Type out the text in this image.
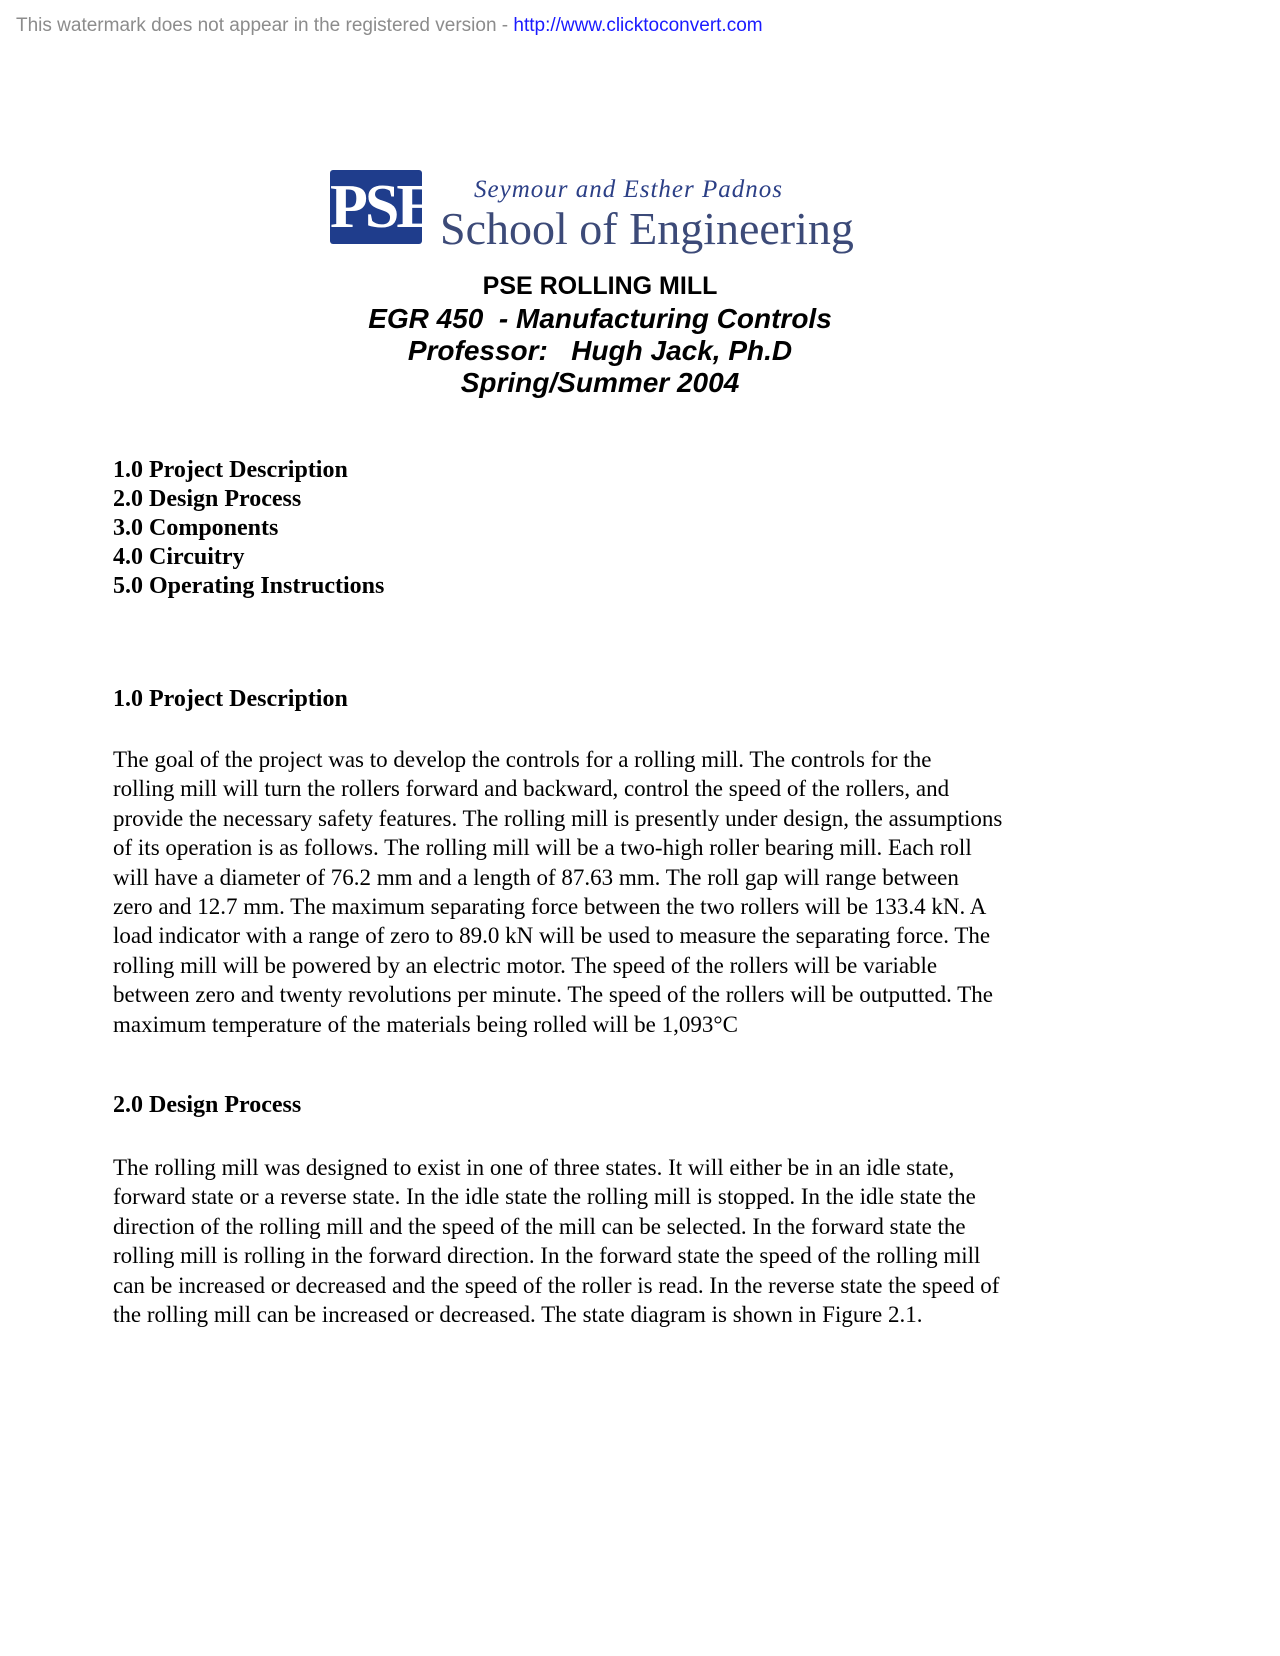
This watermark does not appear in the registered version - http://www.clicktoconvert.com
PSE Seymour and Esther Padnos
School of Engineering
PSE ROLLING MILL
EGR 450  - Manufacturing Controls
Professor:   Hugh Jack, Ph.D
Spring/Summer 2004
1.0 Project Description
2.0 Design Process
3.0 Components
4.0 Circuitry
5.0 Operating Instructions
1.0 Project Description
The goal of the project was to develop the controls for a rolling mill. The controls for the
rolling mill will turn the rollers forward and backward, control the speed of the rollers, and
provide the necessary safety features. The rolling mill is presently under design, the assumptions
of its operation is as follows. The rolling mill will be a two-high roller bearing mill. Each roll
will have a diameter of 76.2 mm and a length of 87.63 mm. The roll gap will range between
zero and 12.7 mm. The maximum separating force between the two rollers will be 133.4 kN. A
load indicator with a range of zero to 89.0 kN will be used to measure the separating force. The
rolling mill will be powered by an electric motor. The speed of the rollers will be variable
between zero and twenty revolutions per minute. The speed of the rollers will be outputted. The
maximum temperature of the materials being rolled will be 1,093°C
2.0 Design Process
The rolling mill was designed to exist in one of three states. It will either be in an idle state,
forward state or a reverse state. In the idle state the rolling mill is stopped. In the idle state the
direction of the rolling mill and the speed of the mill can be selected. In the forward state the
rolling mill is rolling in the forward direction. In the forward state the speed of the rolling mill
can be increased or decreased and the speed of the roller is read. In the reverse state the speed of
the rolling mill can be increased or decreased. The state diagram is shown in Figure 2.1.
